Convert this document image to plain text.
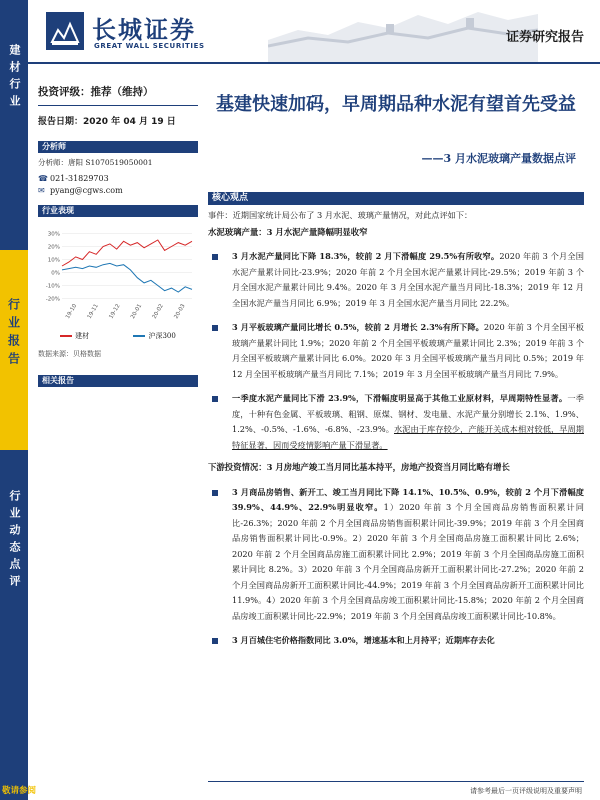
建材行业
行业报告
行业动态点评
长城证券
GREAT WALL SECURITIES
证券研究报告
投资评级：推荐（维持）
报告日期：2020 年 04 月 19 日
分析师
分析师：唐阳 S1070519050001
☎ 021-31829703
✉ pyang@cgws.com
行业表现
30%
20%
10%
0%
-10%
-20%
19-10 19-11 19-12 20-01 20-02 20-03
建材	沪深300
数据来源：贝格数据
相关报告
基建快速加码，早周期品种水泥有望首先受益
——3 月水泥玻璃产量数据点评
核心观点
事件：近期国家统计局公布了 3 月水泥、玻璃产量情况，对此点评如下：
水泥玻璃产量：3 月水泥产量降幅明显收窄
3 月水泥产量同比下降 18.3%，较前 2 月下滑幅度 29.5%有所收窄。2020 年前 3 个月全国水泥产量累计同比-23.9%；2020 年前 2 个月全国水泥产量累计同比-29.5%；2019 年前 3 个月全国水泥产量累计同比 9.4%。2020 年 3 月全国水泥产量当月同比-18.3%；2019 年 12 月全国水泥产量当月同比 6.9%；2019 年 3 月全国水泥产量当月同比 22.2%。
3 月平板玻璃产量同比增长 0.5%，较前 2 月增长 2.3%有所下降。2020 年前 3 个月全国平板玻璃产量累计同比 1.9%；2020 年前 2 个月全国平板玻璃产量累计同比 2.3%；2019 年前 3 个月全国平板玻璃产量累计同比 6.0%。2020 年 3 月全国平板玻璃产量当月同比 0.5%；2019 年 12 月全国平板玻璃产量当月同比 7.1%；2019 年 3 月全国平板玻璃产量当月同比 7.9%。
一季度水泥产量同比下滑 23.9%，下滑幅度明显高于其他工业原材料，早周期特性显著。一季度，十种有色金属、平板玻璃、粗钢、原煤、钢材、发电量、水泥产量分别增长 2.1%、1.9%、1.2%、-0.5%、-1.6%、-6.8%、-23.9%。水泥由于库存较少，产能开关成本相对较低，早周期特征显著，因而受疫情影响产量下滑显著。
下游投资情况：3 月房地产竣工当月同比基本持平，房地产投资当月同比略有增长
3 月商品房销售、新开工、竣工当月同比下降 14.1%、10.5%、0.9%，较前 2 个月下滑幅度 39.9%、44.9%、22.9%明显收窄。1）2020 年前 3 个月全国商品房销售面积累计同比-26.3%；2020 年前 2 个月全国商品房销售面积累计同比-39.9%；2019 年前 3 个月全国商品房销售面积累计同比-0.9%。2）2020 年前 3 个月全国商品房施工面积累计同比 2.6%；2020 年前 2 个月全国商品房施工面积累计同比 2.9%；2019 年前 3 个月全国商品房施工面积累计同比 8.2%。3）2020 年前 3 个月全国商品房新开工面积累计同比-27.2%；2020 年前 2 个月全国商品房新开工面积累计同比-44.9%；2019 年前 3 个月全国商品房新开工面积累计同比 11.9%。4）2020 年前 3 个月全国商品房竣工面积累计同比-15.8%；2020 年前 2 个月全国商品房竣工面积累计同比-22.9%；2019 年前 3 个月全国商品房竣工面积累计同比-10.8%。
3 月百城住宅价格指数同比 3.0%，增速基本和上月持平；近期库存去化
敬请参阅	请参考最后一页评级说明及重要声明
